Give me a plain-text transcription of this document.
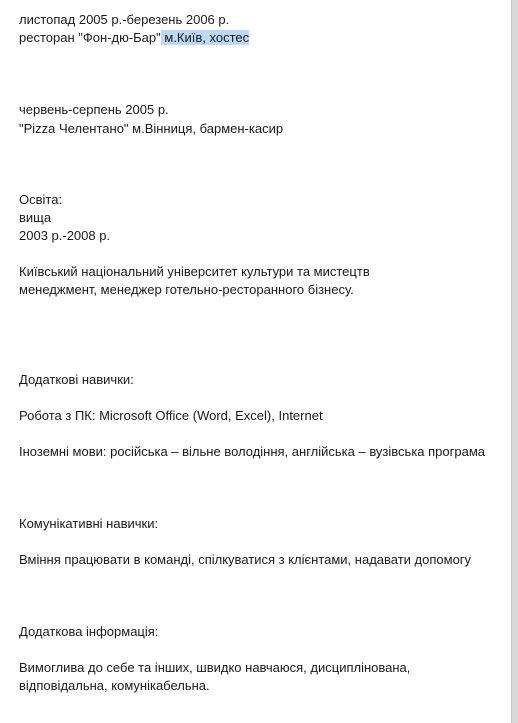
листопад 2005 р.-березень 2006 р.
ресторан "Фон-дю-Бар" м.Київ, хостес
червень-серпень 2005 р.
"Pizza Челентано" м.Вінниця, бармен-касир
Освіта:
вища
2003 р.-2008 р.
Київський національний університет культури та мистецтв
менеджмент, менеджер готельно-ресторанного бізнесу.
Додаткові навички:
Робота з ПК: Microsoft Office (Word, Excel), Internet
Іноземні мови: російська – вільне володіння, англійська – вузівська програма
Комунікативні навички:
Вміння працювати в команді, спілкуватися з клієнтами, надавати допомогу
Додаткова інформація:
Вимоглива до себе та інших, швидко навчаюся, дисциплінована,
відповідальна, комунікабельна.
